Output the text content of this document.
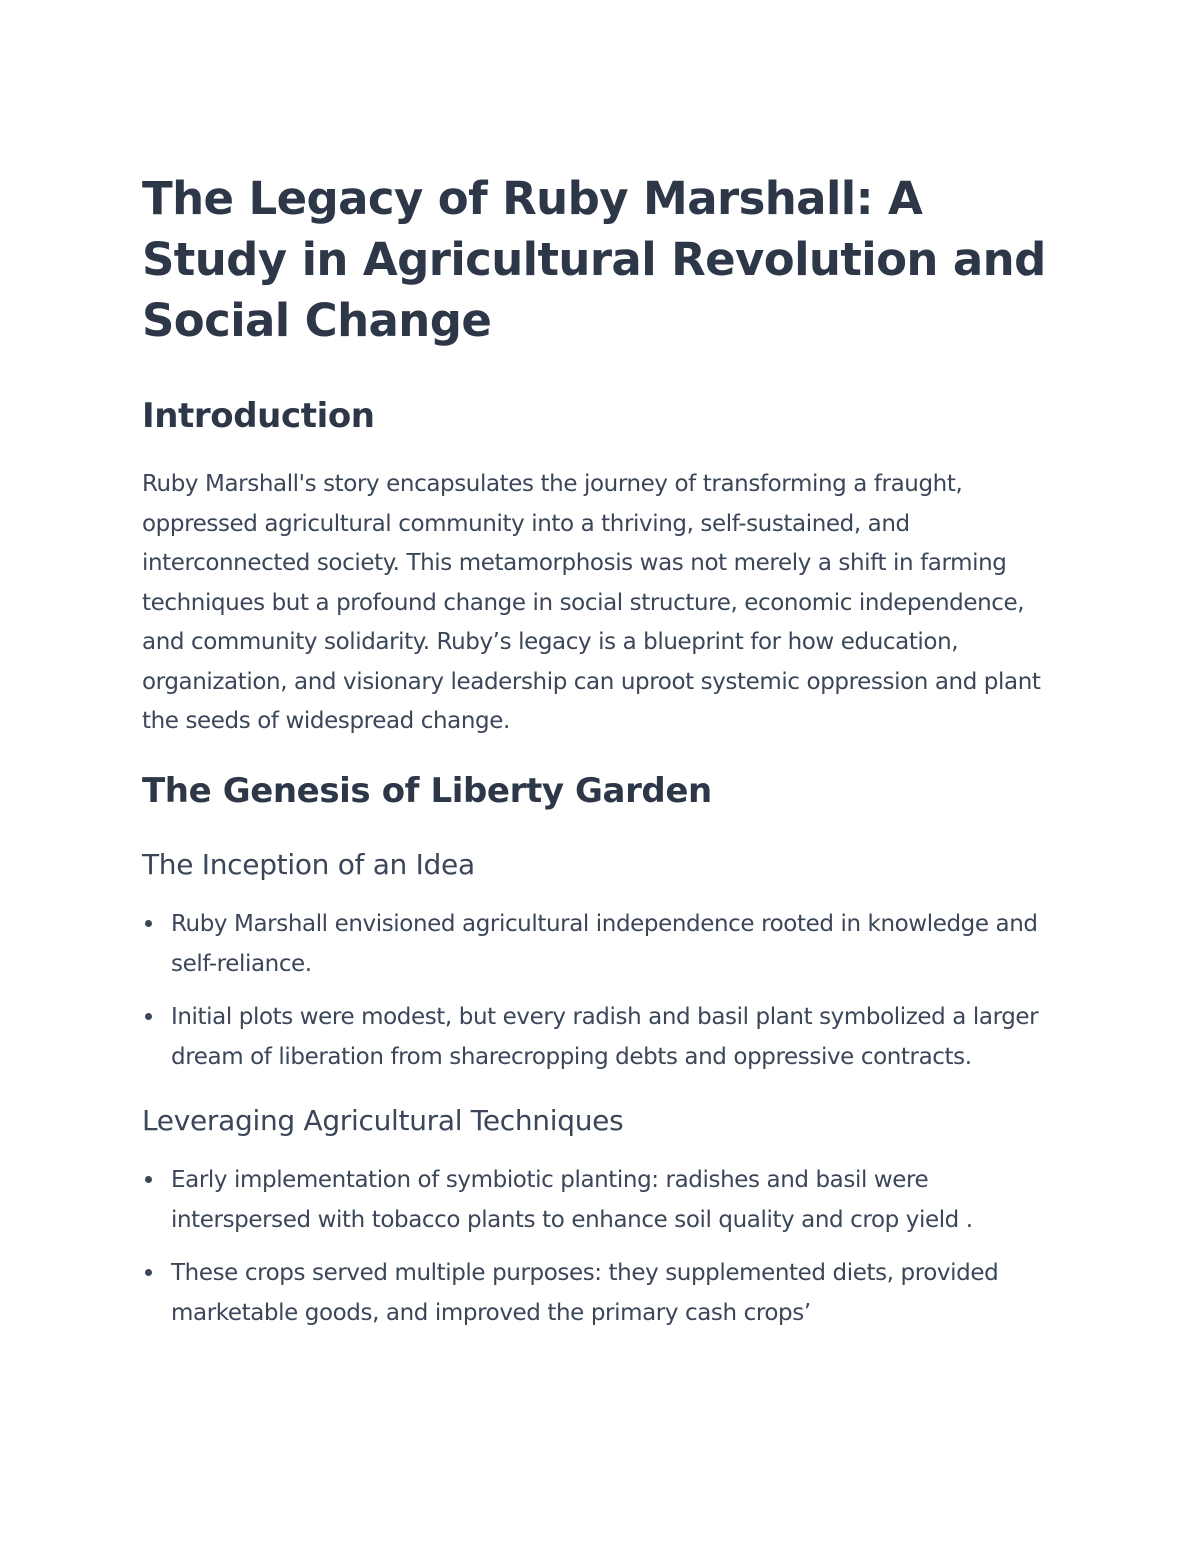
The Legacy of Ruby Marshall: A Study in Agricultural Revolution and Social Change
Introduction

Ruby Marshall's story encapsulates the journey of transforming a fraught, oppressed agricultural community into a thriving, self-sustained, and interconnected society. This metamorphosis was not merely a shift in farming techniques but a profound change in social structure, economic independence, and community solidarity. Ruby’s legacy is a blueprint for how education, organization, and visionary leadership can uproot systemic oppression and plant the seeds of widespread change.

The Genesis of Liberty Garden
The Inception of an Idea
Ruby Marshall envisioned agricultural independence rooted in knowledge and self-reliance.
Initial plots were modest, but every radish and basil plant symbolized a larger dream of liberation from sharecropping debts and oppressive contracts.
Leveraging Agricultural Techniques
Early implementation of symbiotic planting: radishes and basil were interspersed with tobacco plants to enhance soil quality and crop yield .
These crops served multiple purposes: they supplemented diets, provided marketable goods, and improved the primary cash crops’
